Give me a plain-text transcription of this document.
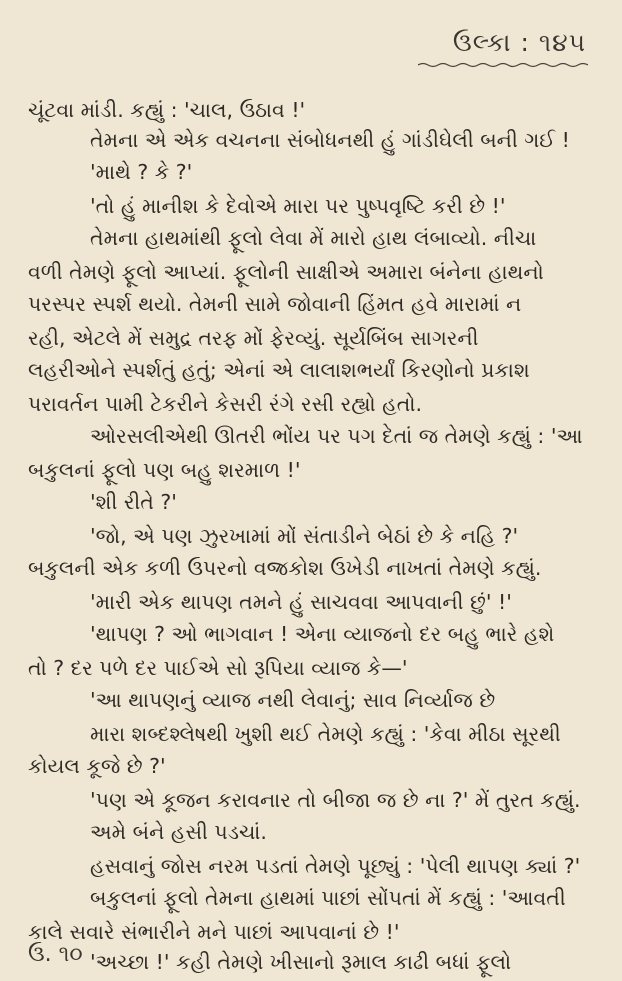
ઉલ્કા : ૧૪૫
ચૂંટવા માંડી. કહ્યું : 'ચાલ, ઉઠાવ !'
તેમના એ એક વચનના સંબોધનથી હું ગાંડીઘેલી બની ગઈ !
'માથે ? કે ?'
'તો હું માનીશ કે દેવોએ મારા પર પુષ્પવૃષ્ટિ કરી છે !'
તેમના હાથમાંથી ફૂલો લેવા મેં મારો હાથ લંબાવ્યો. નીચા
વળી તેમણે ફૂલો આપ્યાં. ફૂલોની સાક્ષીએ અમારા બંનેના હાથનો
પરસ્પર સ્પર્શ થયો. તેમની સામે જોવાની હિંમત હવે મારામાં ન
રહી, એટલે મેં સમુદ્ર તરફ મોં ફેરવ્યું. સૂર્યબિંબ સાગરની
લહરીઓને સ્પર્શતું હતું; એનાં એ લાલાશભર્યાં કિરણોનો પ્રકાશ
પરાવર્તન પામી ટેકરીને કેસરી રંગે રસી રહ્યો હતો.
ઓરસલીએથી ઊતરી ભોંય પર પગ દેતાં જ તેમણે કહ્યું : 'આ
બકુલનાં ફૂલો પણ બહુ શરમાળ !'
'શી રીતે ?'
'જો, એ પણ ઝુરખામાં મોં સંતાડીને બેઠાં છે કે નહિ ?'
બકુલની એક કળી ઉપરનો વજ્રકોશ ઉખેડી નાખતાં તેમણે કહ્યું.
'મારી એક થાપણ તમને હું સાચવવા આપવાની છું' !'
'થાપણ ? ઓ ભાગવાન ! એના વ્યાજનો દર બહુ ભારે હશે
તો ? દર પળે દર પાઈએ સો રૂપિયા વ્યાજ કે—'
'આ થાપણનું વ્યાજ નથી લેવાનું; સાવ નિર્વ્યાજ છે
મારા શબ્દશ્લેષથી ખુશી થઈ તેમણે કહ્યું : 'કેવા મીઠા સૂરથી
કોયલ કૂજે છે ?'
'પણ એ કૂજન કરાવનાર તો બીજા જ છે ના ?' મેં તુરત કહ્યું.
અમે બંને હસી પડચાં.
હસવાનું જોસ નરમ પડતાં તેમણે પૂછ્યું : 'પેલી થાપણ ક્યાં ?'
બકુલનાં ફૂલો તેમના હાથમાં પાછાં સોંપતાં મેં કહ્યું : 'આવતી
કાલે સવારે સંભારીને મને પાછાં આપવાનાં છે !'
'અચ્છા !' કહી તેમણે ખીસાનો રૂમાલ કાઢી બધાં ફૂલો
ઉ. ૧૦
